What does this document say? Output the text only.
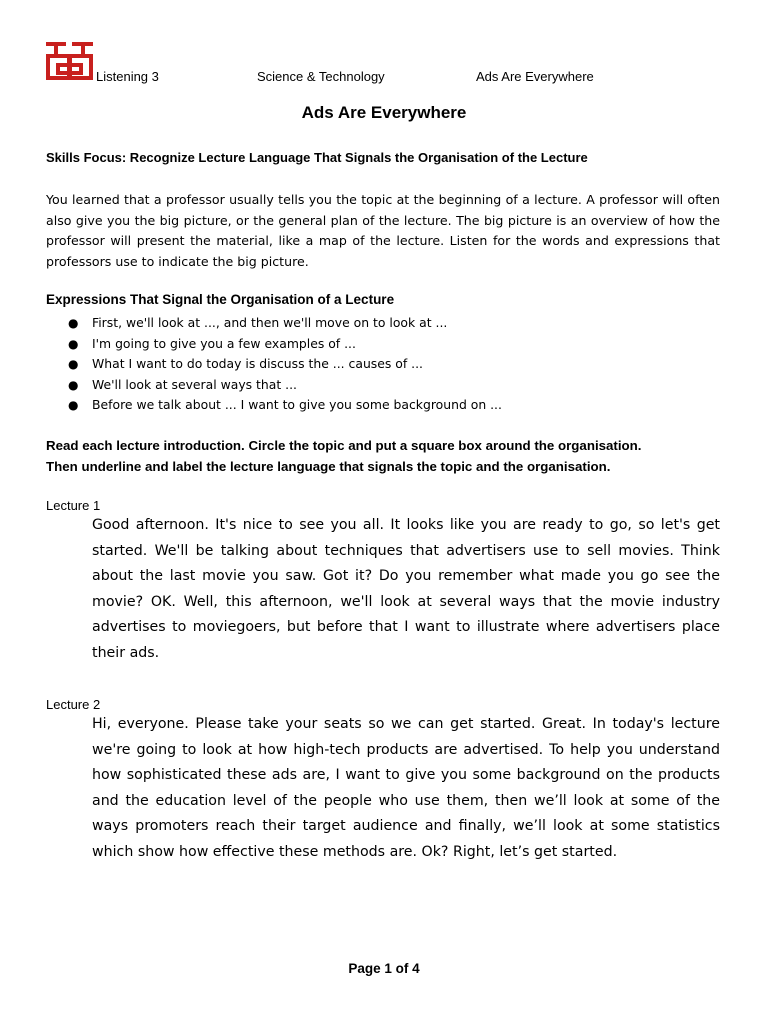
Listening 3	Science & Technology	Ads Are Everywhere
Ads Are Everywhere
Skills Focus: Recognize Lecture Language That Signals the Organisation of the Lecture

You learned that a professor usually tells you the topic at the beginning of a lecture. A professor will often also give you the big picture, or the general plan of the lecture. The big picture is an overview of how the professor will present the material, like a map of the lecture. Listen for the words and expressions that professors use to indicate the big picture.

Expressions That Signal the Organisation of a Lecture
● First, we'll look at ..., and then we'll move on to look at ...
● I'm going to give you a few examples of ...
● What I want to do today is discuss the ... causes of ...
● We'll look at several ways that ...
● Before we talk about ... I want to give you some background on ...
Read each lecture introduction. Circle the topic and put a square box around the organisation.
Then underline and label the lecture language that signals the topic and the organisation.
Lecture 1

Good afternoon. It's nice to see you all. It looks like you are ready to go, so let's get started. We'll be talking about techniques that advertisers use to sell movies. Think about the last movie you saw. Got it? Do you remember what made you go see the movie? OK. Well, this afternoon, we'll look at several ways that the movie industry advertises to moviegoers, but before that I want to illustrate where advertisers place their ads.

Lecture 2

Hi, everyone. Please take your seats so we can get started. Great. In today's lecture we're going to look at how high-tech products are advertised. To help you understand how sophisticated these ads are, I want to give you some background on the products and the education level of the people who use them, then we’ll look at some of the ways promoters reach their target audience and finally, we’ll look at some statistics which show how effective these methods are. Ok? Right, let’s get started.

Page 1 of 4
